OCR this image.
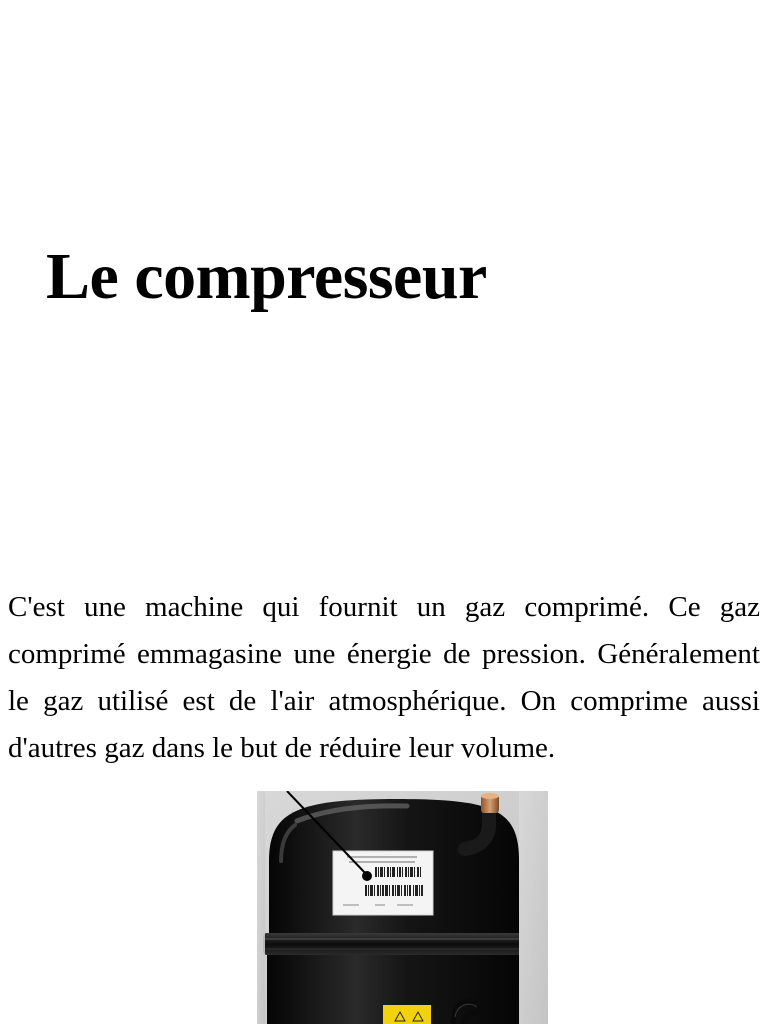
Le compresseur

C'est une machine qui fournit un gaz comprimé. Ce gaz comprimé emmagasine une énergie de pression. Généralement le gaz utilisé est de l'air atmosphérique. On comprime aussi d'autres gaz dans le but de réduire leur volume.
